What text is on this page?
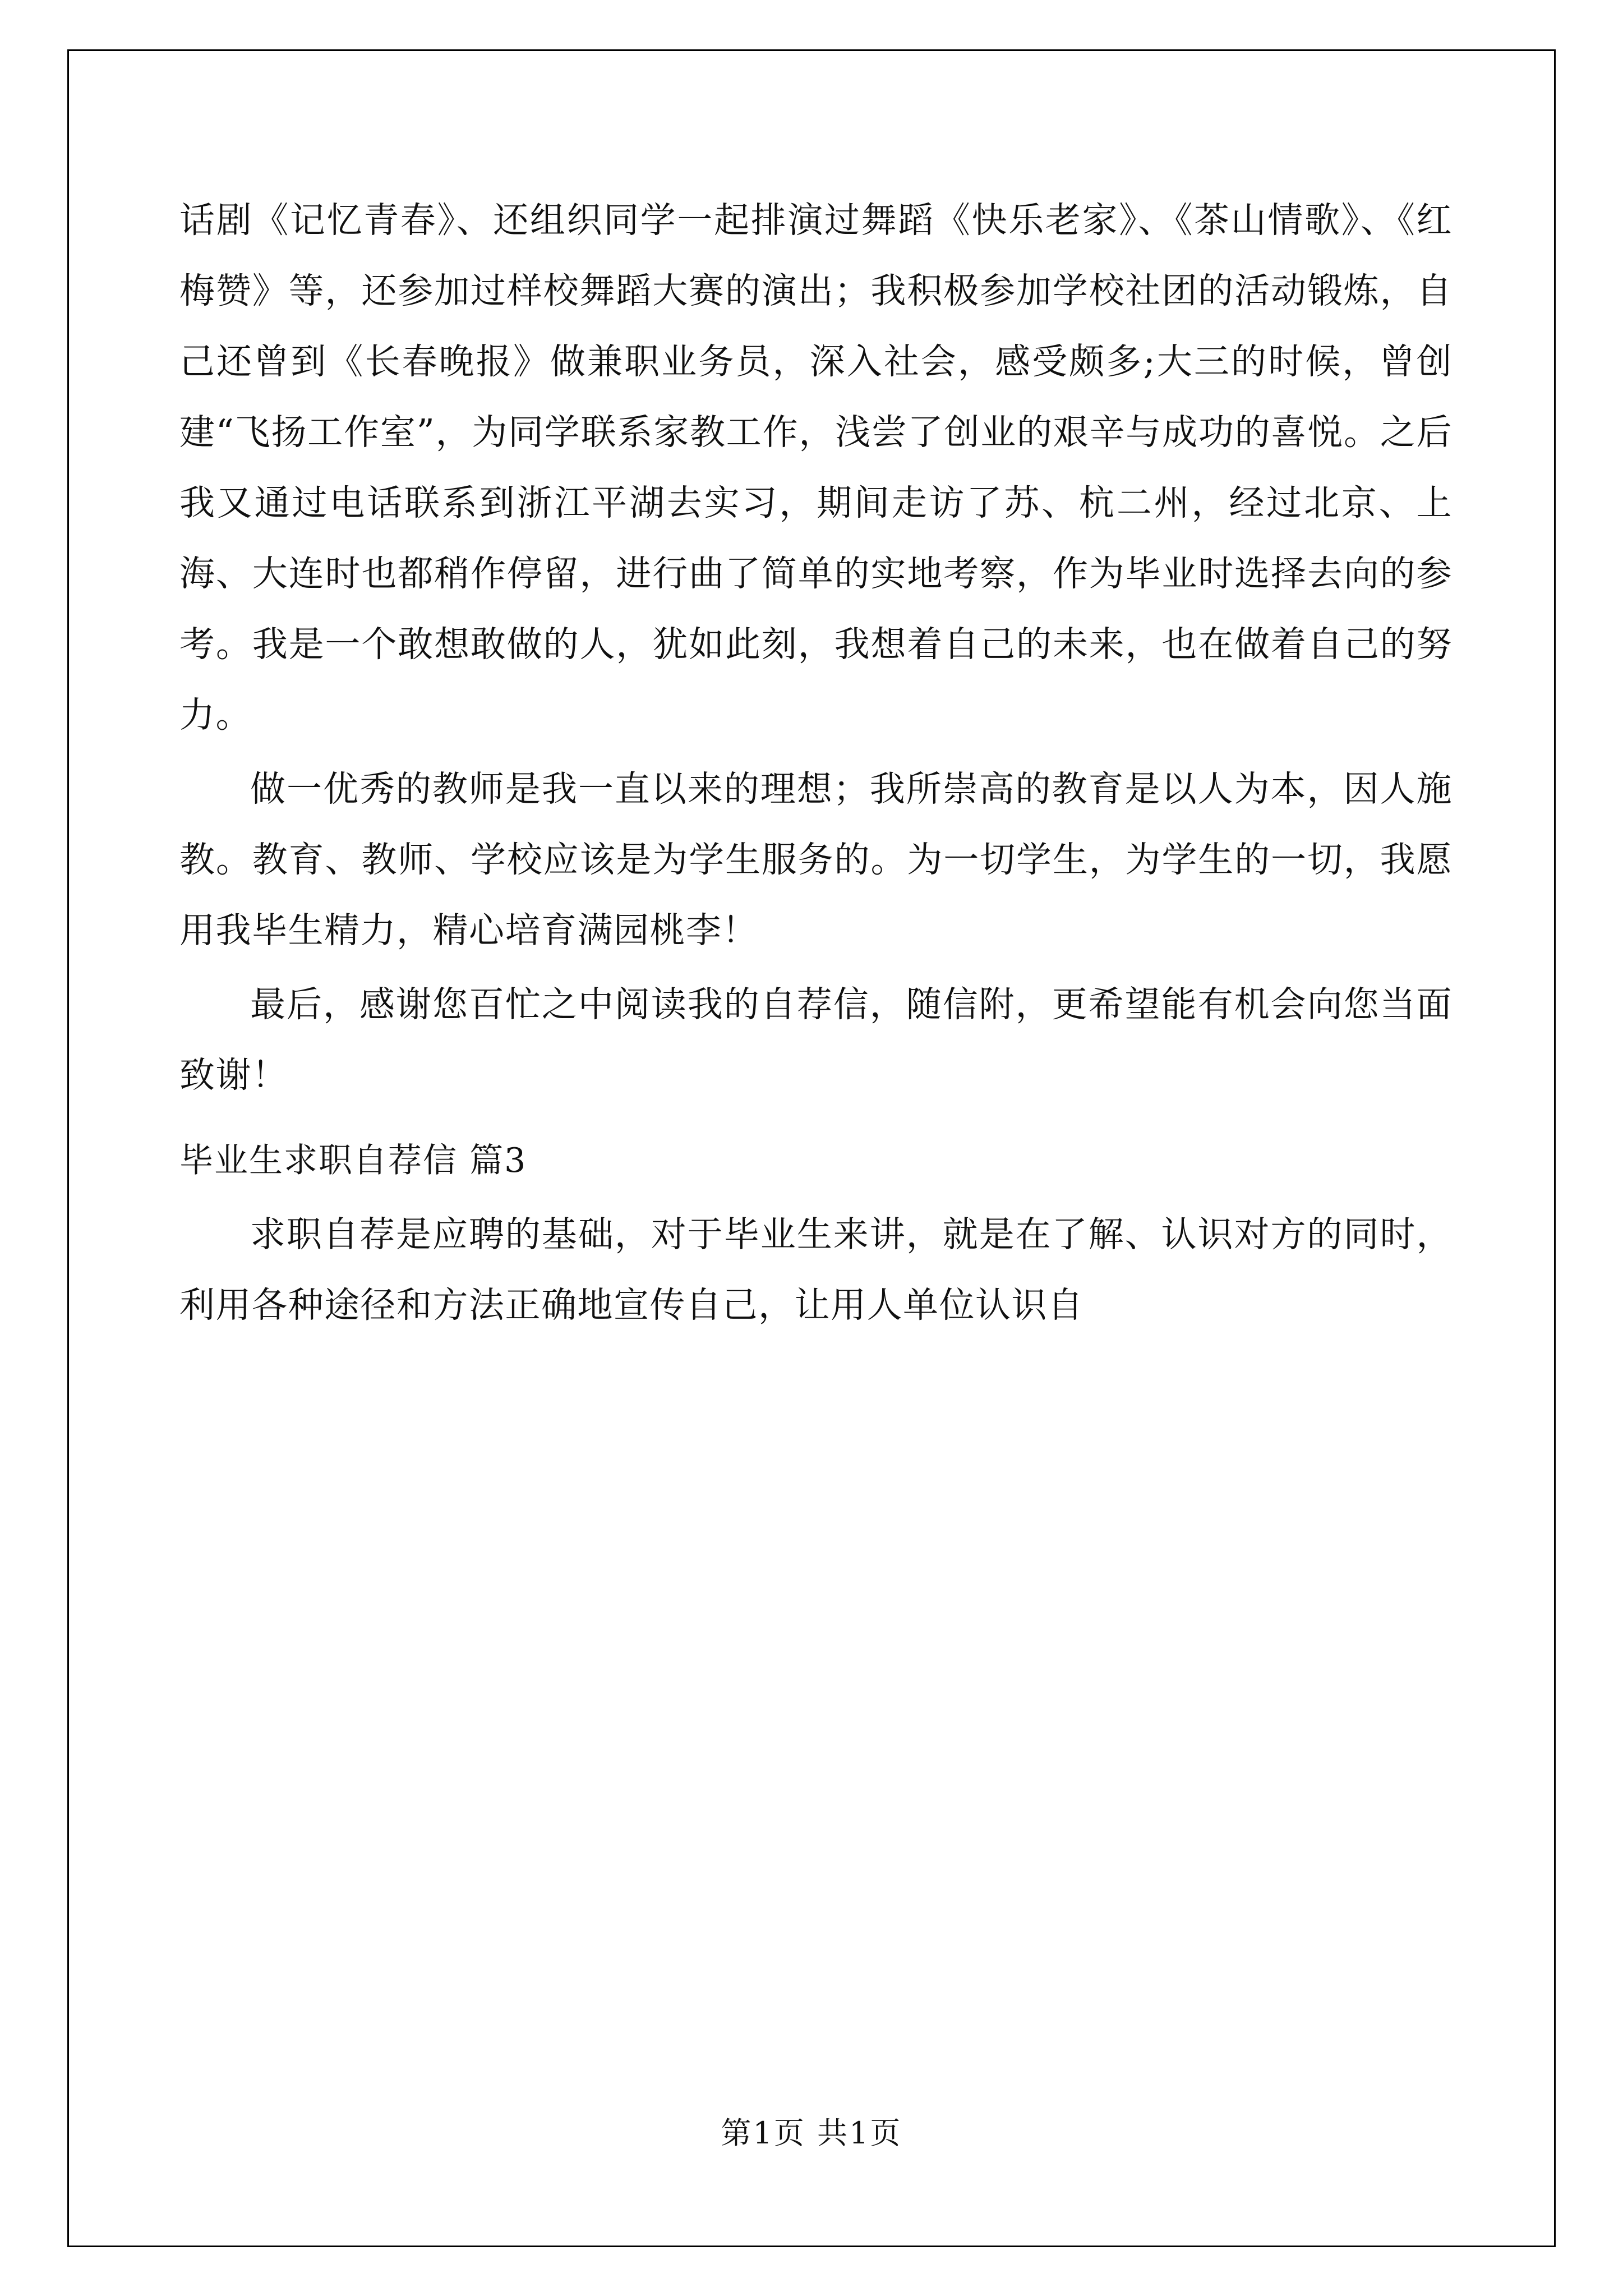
话剧《记忆青春》、还组织同学一起排演过舞蹈《快乐老家》、《茶山情歌》、《红梅赞》等，还参加过样校舞蹈大赛的演出；我积极参加学校社团的活动锻炼，自己还曾到《长春晚报》做兼职业务员，深入社会，感受颇多;大三的时候，曾创建“飞扬工作室”，为同学联系家教工作，浅尝了创业的艰辛与成功的喜悦。之后我又通过电话联系到浙江平湖去实习，期间走访了苏、杭二州，经过北京、上海、大连时也都稍作停留，进行曲了简单的实地考察，作为毕业时选择去向的参考。我是一个敢想敢做的人，犹如此刻，我想着自己的未来，也在做着自己的努力。

做一优秀的教师是我一直以来的理想；我所崇高的教育是以人为本，因人施教。教育、教师、学校应该是为学生服务的。为一切学生，为学生的一切，我愿用我毕生精力，精心培育满园桃李！

最后，感谢您百忙之中阅读我的自荐信，随信附，更希望能有机会向您当面致谢！

毕业生求职自荐信 篇3

求职自荐是应聘的基础，对于毕业生来讲，就是在了解、认识对方的同时，利用各种途径和方法正确地宣传自己，让用人单位认识自

第1页 共1页
